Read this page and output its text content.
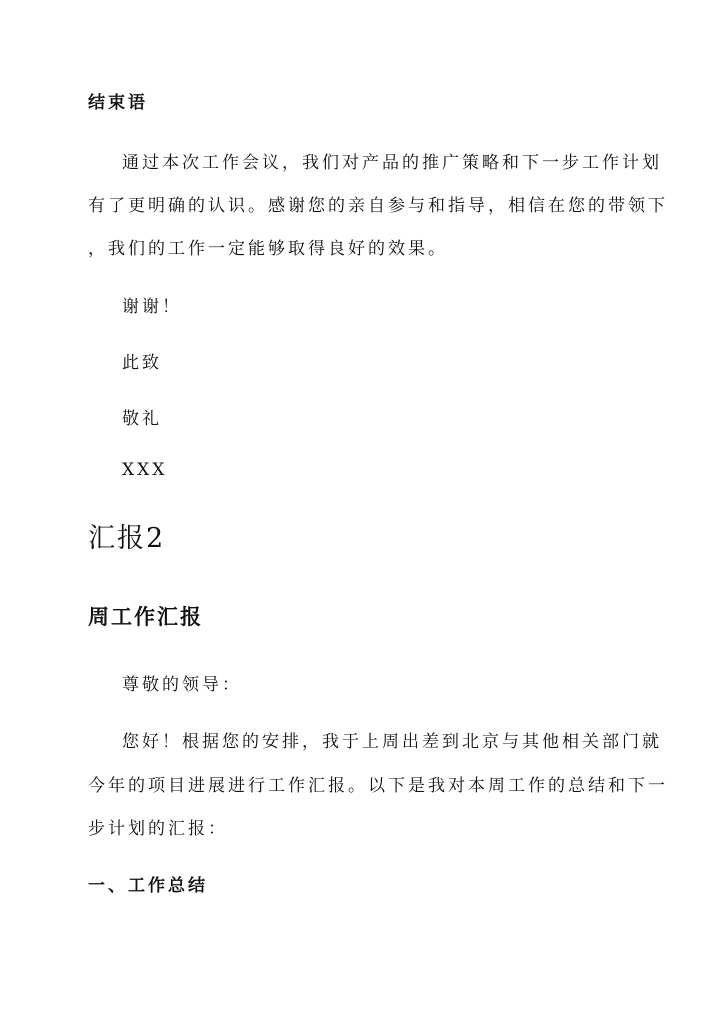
结束语
通过本次工作会议，我们对产品的推广策略和下一步工作计划
有了更明确的认识。感谢您的亲自参与和指导，相信在您的带领下
，我们的工作一定能够取得良好的效果。
谢谢！
此致
敬礼
XXX
汇报2
周工作汇报
尊敬的领导：
您好！根据您的安排，我于上周出差到北京与其他相关部门就
今年的项目进展进行工作汇报。以下是我对本周工作的总结和下一
步计划的汇报：
一、工作总结
